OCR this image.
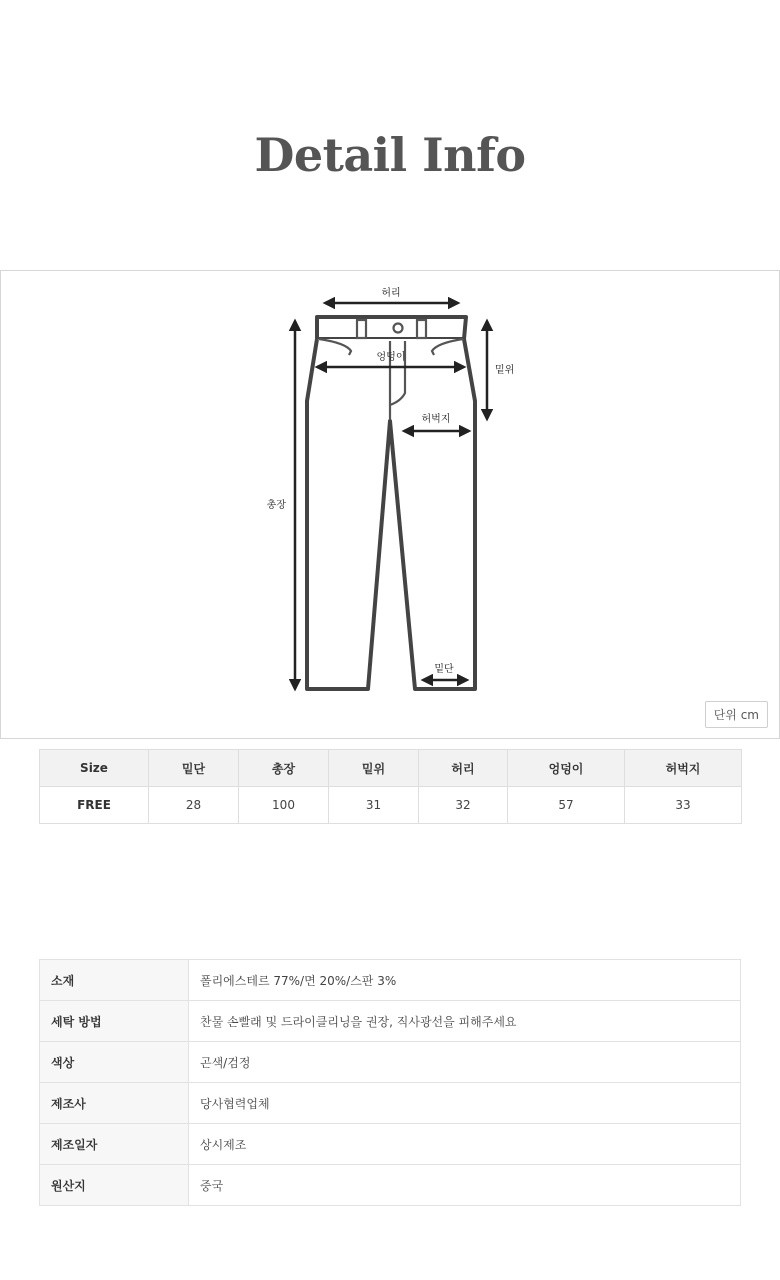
Detail Info
허리
엉덩이
밑위
허벅지
총장
밑단
단위 cm
Size	밑단	총장	밑위	허리	엉덩이	허벅지
FREE	28	100	31	32	57	33
소재	폴리에스테르 77%/면 20%/스판 3%
세탁 방법	찬물 손빨래 및 드라이클리닝을 권장, 직사광선을 피해주세요
색상	곤색/검정
제조사	당사협력업체
제조일자	상시제조
원산지	중국
